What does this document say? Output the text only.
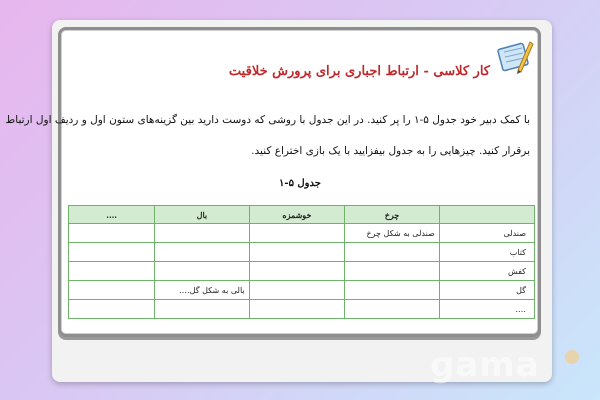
کار کلاسی - ارتباط اجباری برای پرورش خلاقیت
با کمک دبیر خود جدول ۵-۱ را پر کنید. در این جدول با روشی که دوست دارید بین گزینه‌های ستون اول و ردیف اول ارتباط
برقرار کنید. چیزهایی را به جدول بیفزایید با یک بازی اختراع کنید.
جدول ۵-۱
	چرخ	خوشمزه	بال	….
صندلی	صندلی به شکل چرخ			
کتاب				
کفش				
گل			بالی به شکل گل….	
….				
ɡama
